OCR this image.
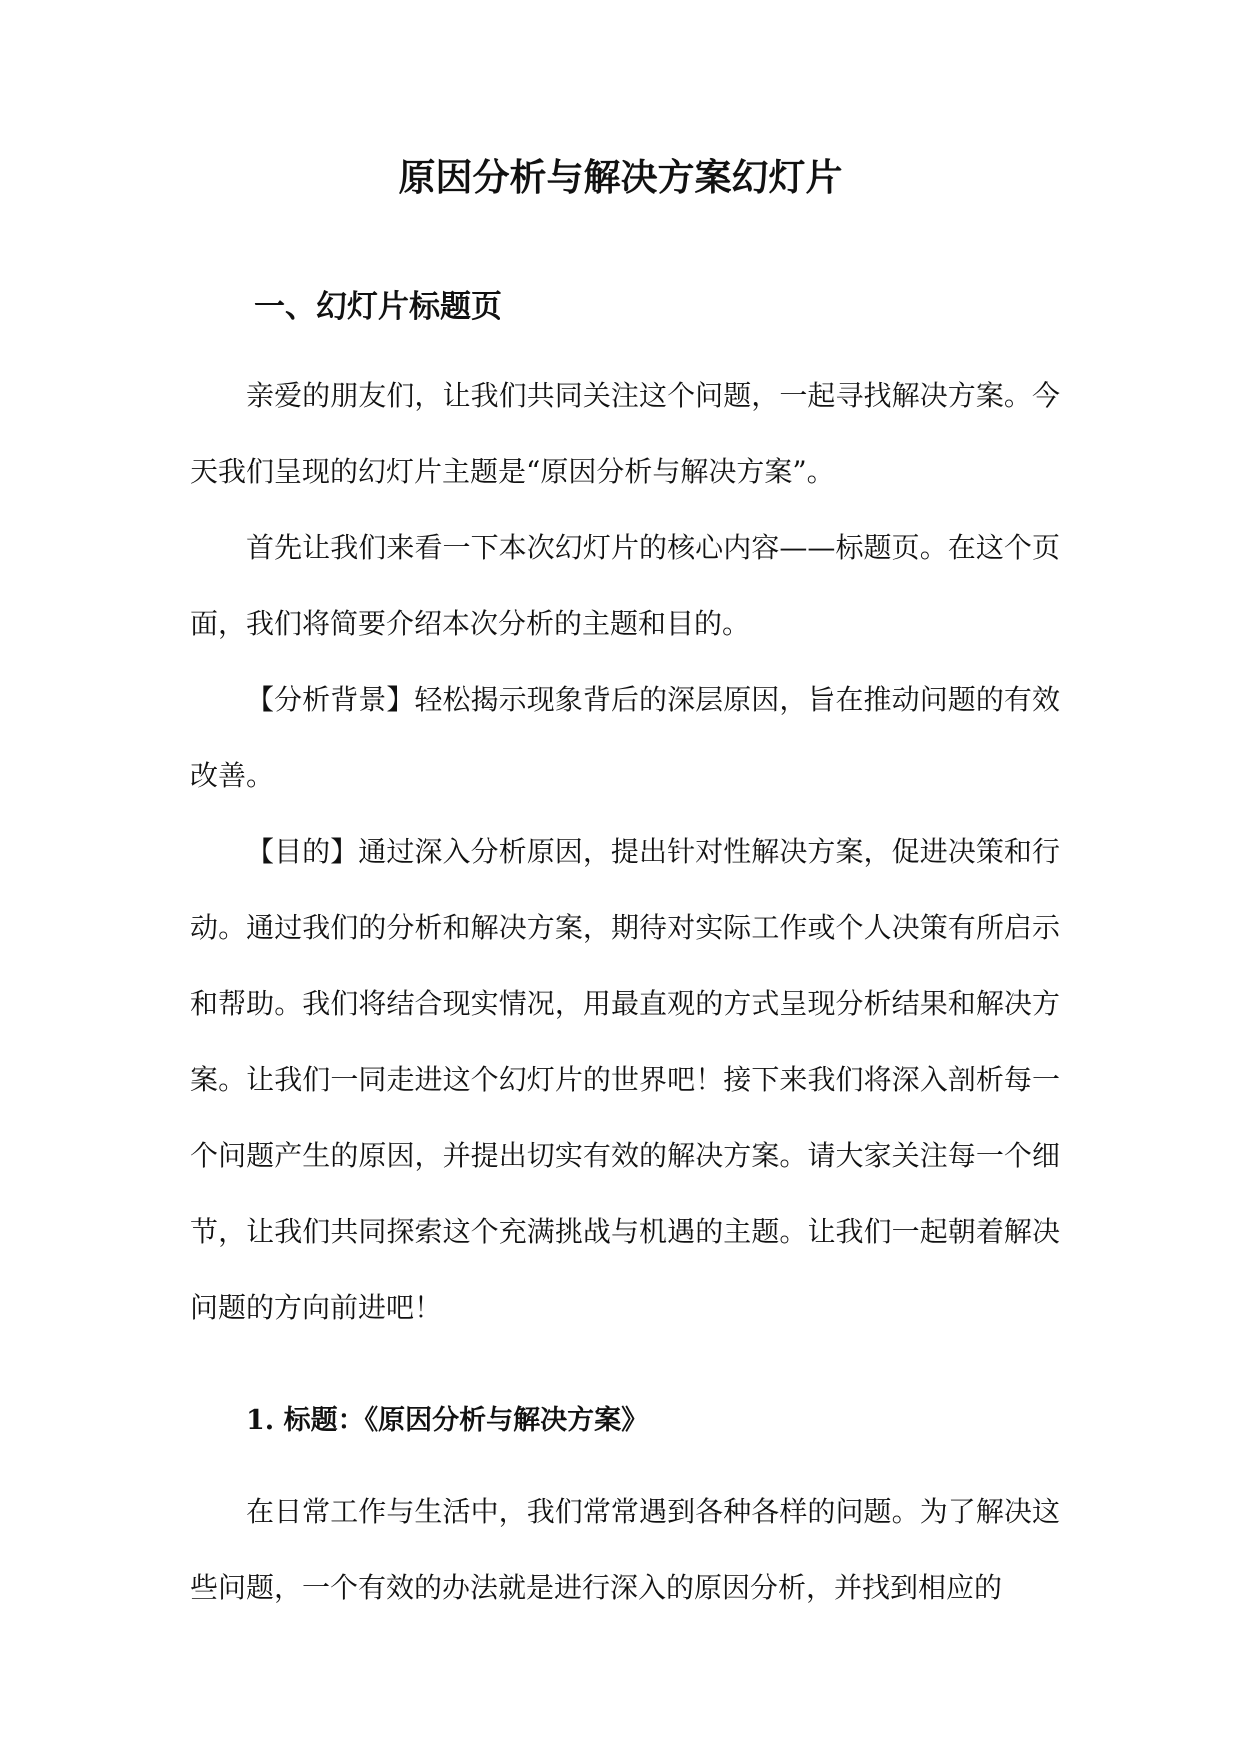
原因分析与解决方案幻灯片
一、幻灯片标题页

亲爱的朋友们，让我们共同关注这个问题，一起寻找解决方案。今天我们呈现的幻灯片主题是“原因分析与解决方案”。

首先让我们来看一下本次幻灯片的核心内容——标题页。在这个页面，我们将简要介绍本次分析的主题和目的。

【分析背景】轻松揭示现象背后的深层原因，旨在推动问题的有效改善。

【目的】通过深入分析原因，提出针对性解决方案，促进决策和行动。通过我们的分析和解决方案，期待对实际工作或个人决策有所启示和帮助。我们将结合现实情况，用最直观的方式呈现分析结果和解决方案。让我们一同走进这个幻灯片的世界吧！接下来我们将深入剖析每一个问题产生的原因，并提出切实有效的解决方案。请大家关注每一个细节，让我们共同探索这个充满挑战与机遇的主题。让我们一起朝着解决问题的方向前进吧！

1. 标题：《原因分析与解决方案》

在日常工作与生活中，我们常常遇到各种各样的问题。为了解决这些问题，一个有效的办法就是进行深入的原因分析，并找到相应的
